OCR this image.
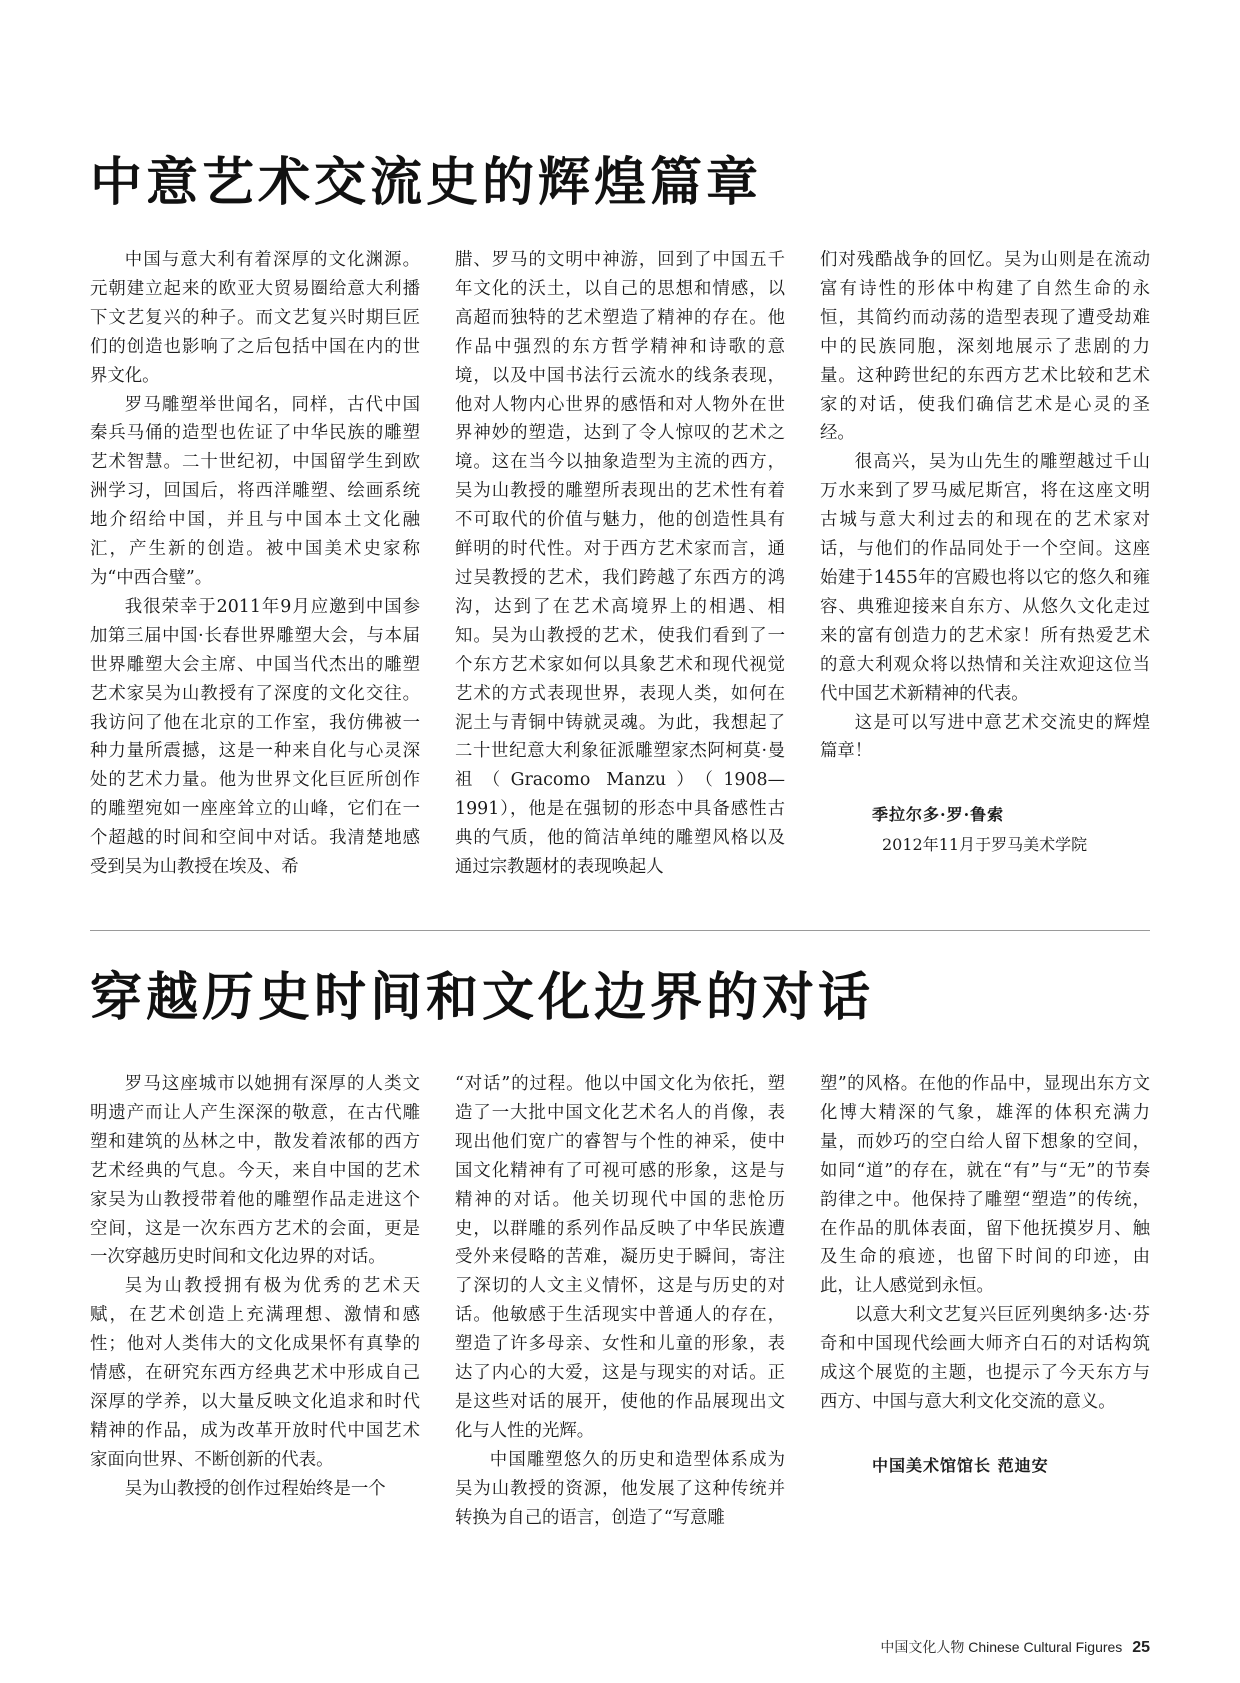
中意艺术交流史的辉煌篇章

中国与意大利有着深厚的文化渊源。元朝建立起来的欧亚大贸易圈给意大利播下文艺复兴的种子。而文艺复兴时期巨匠们的创造也影响了之后包括中国在内的世界文化。

罗马雕塑举世闻名，同样，古代中国秦兵马俑的造型也佐证了中华民族的雕塑艺术智慧。二十世纪初，中国留学生到欧洲学习，回国后，将西洋雕塑、绘画系统地介绍给中国，并且与中国本土文化融汇，产生新的创造。被中国美术史家称为“中西合璧”。

我很荣幸于2011年9月应邀到中国参加第三届中国·长春世界雕塑大会，与本届世界雕塑大会主席、中国当代杰出的雕塑艺术家吴为山教授有了深度的文化交往。我访问了他在北京的工作室，我仿佛被一种力量所震撼，这是一种来自化与心灵深处的艺术力量。他为世界文化巨匠所创作的雕塑宛如一座座耸立的山峰，它们在一个超越的时间和空间中对话。我清楚地感受到吴为山教授在埃及、希

腊、罗马的文明中神游，回到了中国五千年文化的沃土，以自己的思想和情感，以高超而独特的艺术塑造了精神的存在。他作品中强烈的东方哲学精神和诗歌的意境，以及中国书法行云流水的线条表现，他对人物内心世界的感悟和对人物外在世界神妙的塑造，达到了令人惊叹的艺术之境。这在当今以抽象造型为主流的西方，吴为山教授的雕塑所表现出的艺术性有着不可取代的价值与魅力，他的创造性具有鲜明的时代性。对于西方艺术家而言，通过吴教授的艺术，我们跨越了东西方的鸿沟，达到了在艺术高境界上的相遇、相知。吴为山教授的艺术，使我们看到了一个东方艺术家如何以具象艺术和现代视觉艺术的方式表现世界，表现人类，如何在泥土与青铜中铸就灵魂。为此，我想起了二十世纪意大利象征派雕塑家杰阿柯莫·曼祖（Gracomo Manzu）（1908—1991），他是在强韧的形态中具备感性古典的气质，他的简洁单纯的雕塑风格以及通过宗教题材的表现唤起人

们对残酷战争的回忆。吴为山则是在流动富有诗性的形体中构建了自然生命的永恒，其简约而动荡的造型表现了遭受劫难中的民族同胞，深刻地展示了悲剧的力量。这种跨世纪的东西方艺术比较和艺术家的对话，使我们确信艺术是心灵的圣经。

很高兴，吴为山先生的雕塑越过千山万水来到了罗马威尼斯宫，将在这座文明古城与意大利过去的和现在的艺术家对话，与他们的作品同处于一个空间。这座始建于1455年的宫殿也将以它的悠久和雍容、典雅迎接来自东方、从悠久文化走过来的富有创造力的艺术家！所有热爱艺术的意大利观众将以热情和关注欢迎这位当代中国艺术新精神的代表。

这是可以写进中意艺术交流史的辉煌篇章！

季拉尔多·罗·鲁索
2012年11月于罗马美术学院
穿越历史时间和文化边界的对话

罗马这座城市以她拥有深厚的人类文明遗产而让人产生深深的敬意，在古代雕塑和建筑的丛林之中，散发着浓郁的西方艺术经典的气息。今天，来自中国的艺术家吴为山教授带着他的雕塑作品走进这个空间，这是一次东西方艺术的会面，更是一次穿越历史时间和文化边界的对话。

吴为山教授拥有极为优秀的艺术天赋，在艺术创造上充满理想、激情和感性；他对人类伟大的文化成果怀有真挚的情感，在研究东西方经典艺术中形成自己深厚的学养，以大量反映文化追求和时代精神的作品，成为改革开放时代中国艺术家面向世界、不断创新的代表。

吴为山教授的创作过程始终是一个

“对话”的过程。他以中国文化为依托，塑造了一大批中国文化艺术名人的肖像，表现出他们宽广的睿智与个性的神采，使中国文化精神有了可视可感的形象，这是与精神的对话。他关切现代中国的悲怆历史，以群雕的系列作品反映了中华民族遭受外来侵略的苦难，凝历史于瞬间，寄注了深切的人文主义情怀，这是与历史的对话。他敏感于生活现实中普通人的存在，塑造了许多母亲、女性和儿童的形象，表达了内心的大爱，这是与现实的对话。正是这些对话的展开，使他的作品展现出文化与人性的光辉。

中国雕塑悠久的历史和造型体系成为吴为山教授的资源，他发展了这种传统并转换为自己的语言，创造了“写意雕

塑”的风格。在他的作品中，显现出东方文化博大精深的气象，雄浑的体积充满力量，而妙巧的空白给人留下想象的空间，如同“道”的存在，就在“有”与“无”的节奏韵律之中。他保持了雕塑“塑造”的传统，在作品的肌体表面，留下他抚摸岁月、触及生命的痕迹，也留下时间的印迹，由此，让人感觉到永恒。

以意大利文艺复兴巨匠列奥纳多·达·芬奇和中国现代绘画大师齐白石的对话构筑成这个展览的主题，也提示了今天东方与西方、中国与意大利文化交流的意义。

中国美术馆馆长 范迪安
中国文化人物 Chinese Cultural Figures 25
